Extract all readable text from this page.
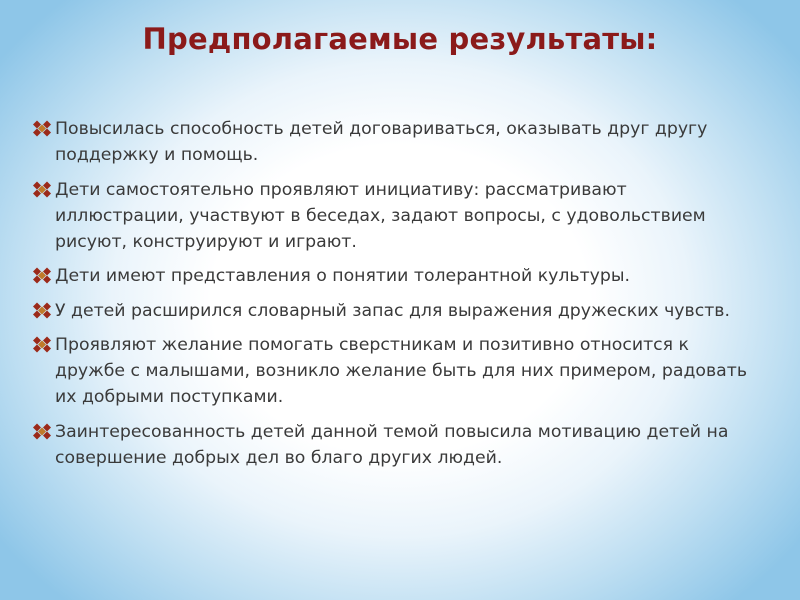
Предполагаемые результаты:
Повысилась способность детей договариваться, оказывать друг другу поддержку и помощь.
Дети самостоятельно проявляют инициативу: рассматривают иллюстрации, участвуют в беседах, задают вопросы, с удовольствием рисуют, конструируют и играют.
Дети имеют представления о понятии толерантной культуры.
У детей расширился словарный запас для выражения дружеских чувств.
Проявляют желание помогать сверстникам и позитивно относится к дружбе с малышами, возникло желание быть для них примером, радовать их добрыми поступками.
Заинтересованность детей данной темой повысила мотивацию детей на совершение добрых дел во благо других людей.
